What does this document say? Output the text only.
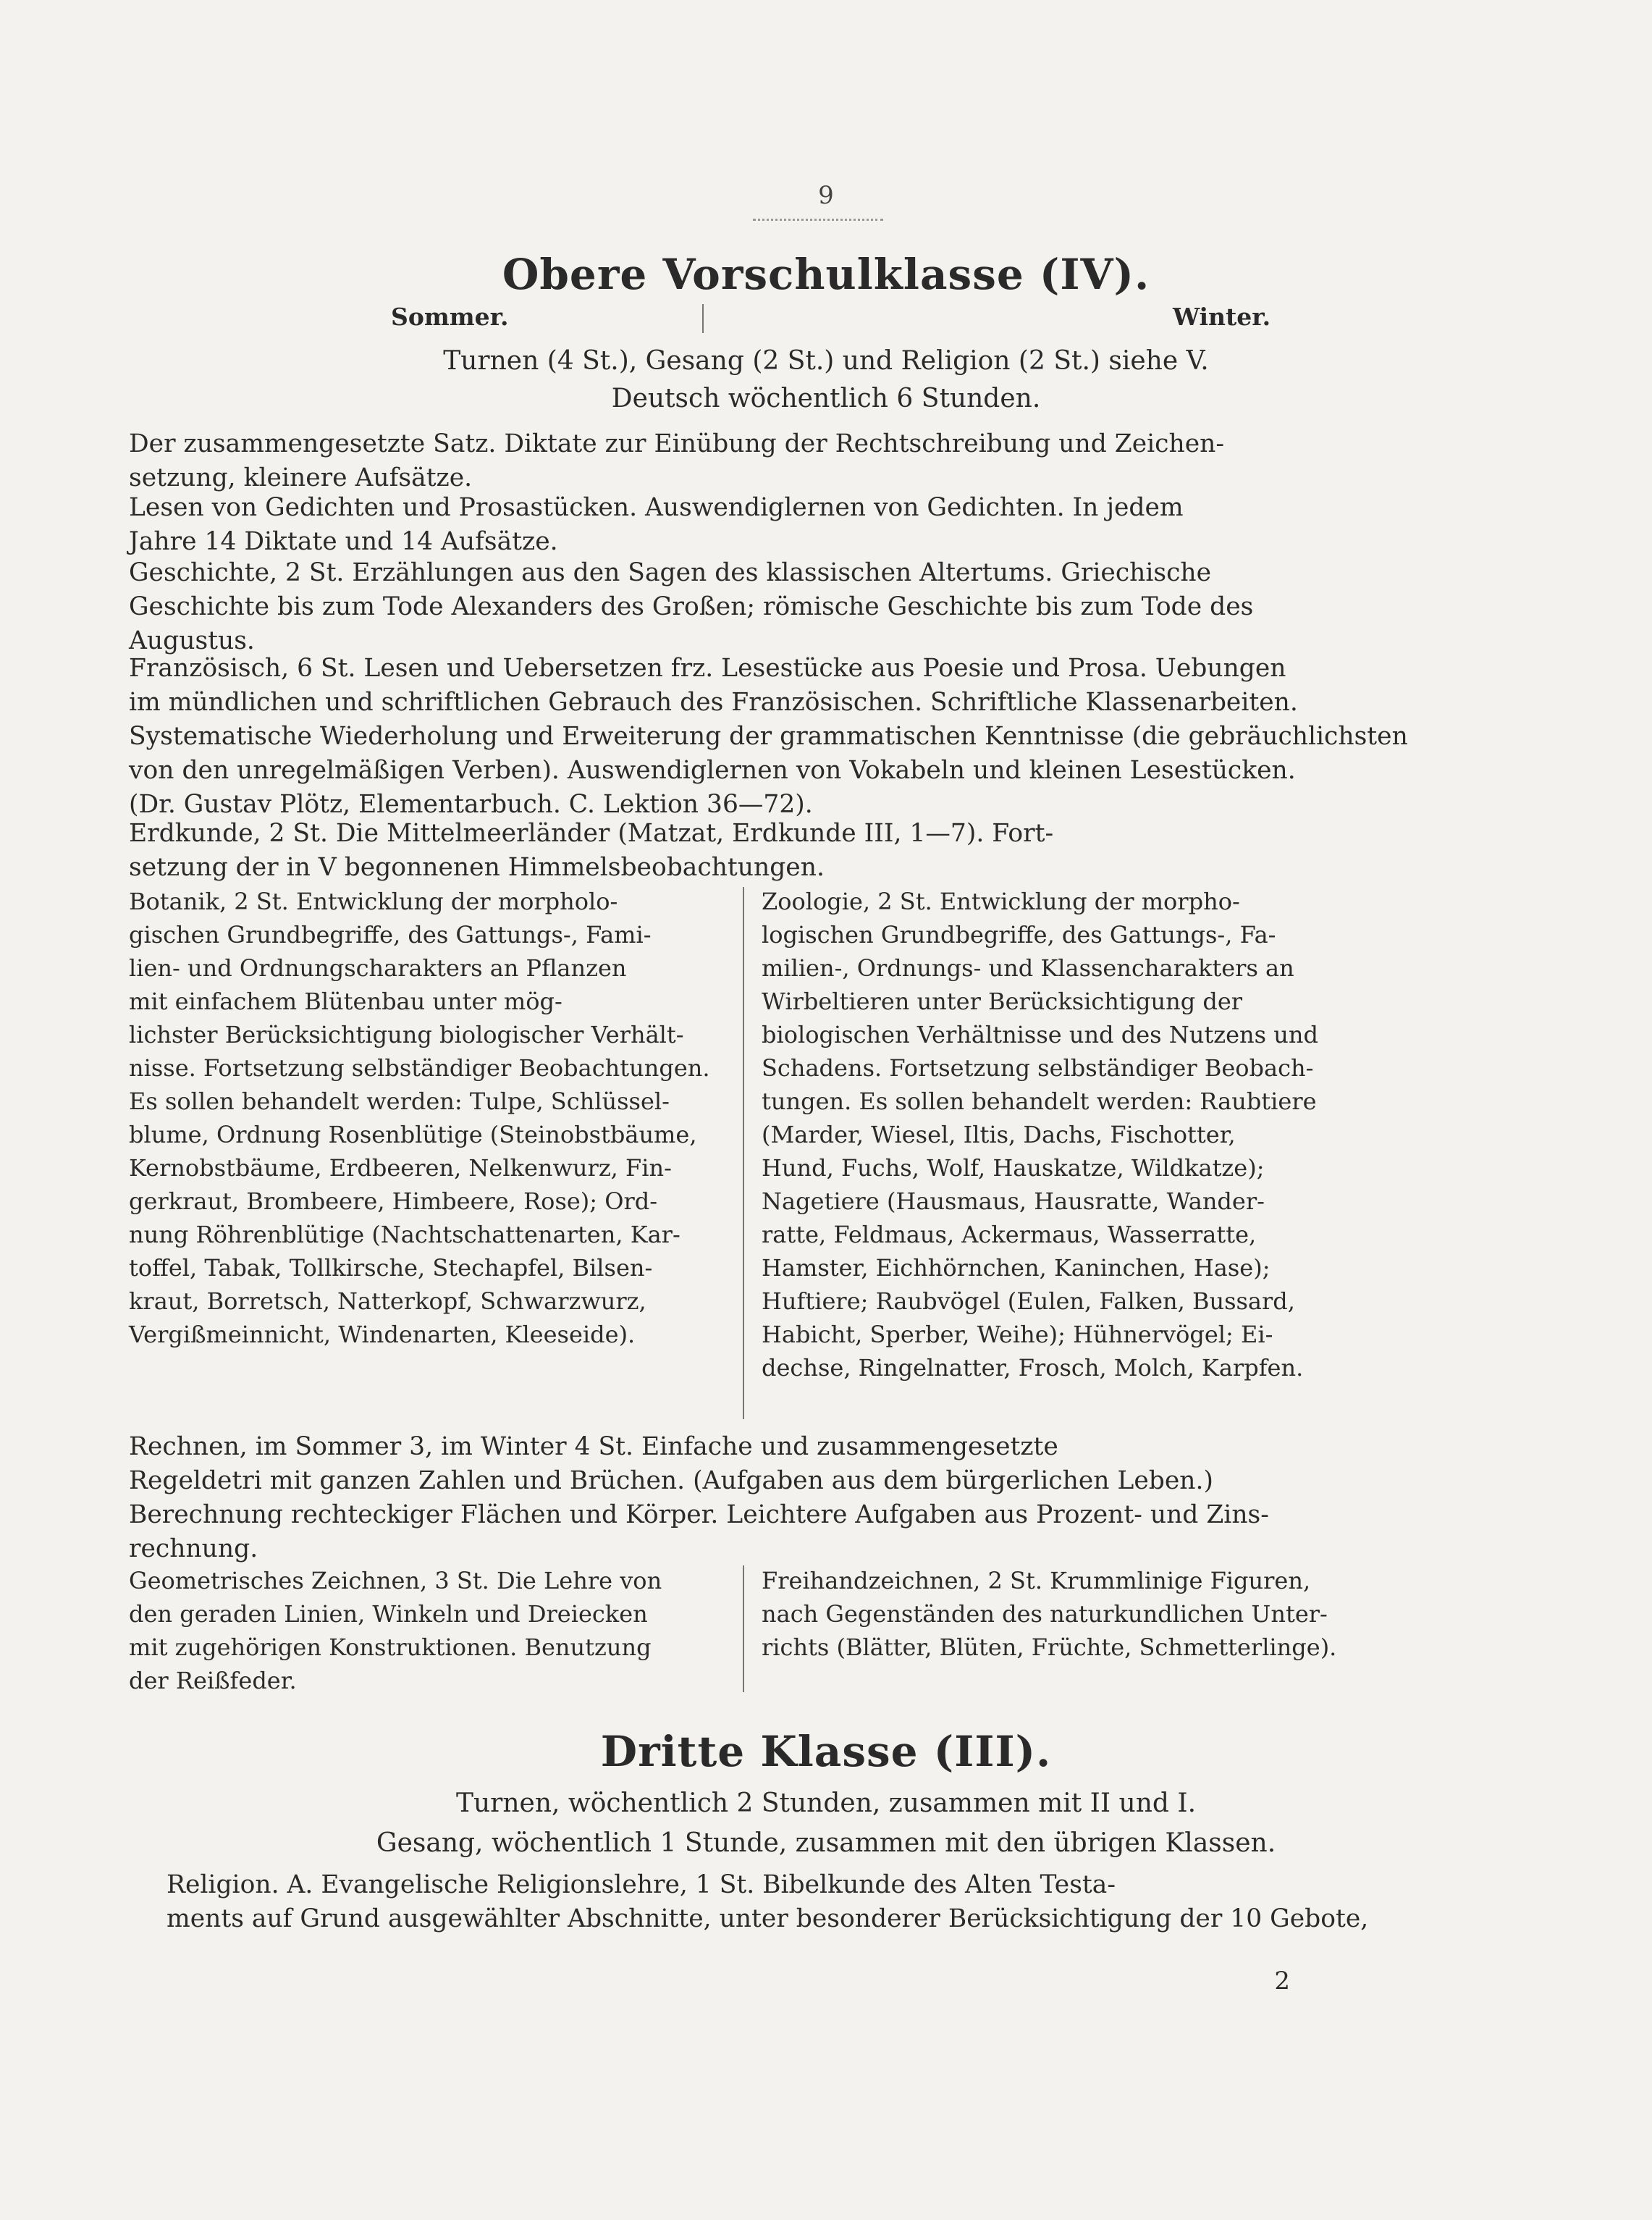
9
Obere Vorschulklasse (IV).
Sommer.	Winter.
Turnen (4 St.), Gesang (2 St.) und Religion (2 St.) siehe V.
Deutsch wöchentlich 6 Stunden.
Der zusammengesetzte Satz. Diktate zur Einübung der Rechtschreibung und Zeichen-
setzung, kleinere Aufsätze.
Lesen von Gedichten und Prosastücken. Auswendiglernen von Gedichten. In jedem
Jahre 14 Diktate und 14 Aufsätze.
Geschichte, 2 St. Erzählungen aus den Sagen des klassischen Altertums. Griechische
Geschichte bis zum Tode Alexanders des Großen; römische Geschichte bis zum Tode des
Augustus.
Französisch, 6 St. Lesen und Uebersetzen frz. Lesestücke aus Poesie und Prosa. Uebungen
im mündlichen und schriftlichen Gebrauch des Französischen. Schriftliche Klassenarbeiten.
Systematische Wiederholung und Erweiterung der grammatischen Kenntnisse (die gebräuchlichsten
von den unregelmäßigen Verben). Auswendiglernen von Vokabeln und kleinen Lesestücken.
(Dr. Gustav Plötz, Elementarbuch. C. Lektion 36—72).
Erdkunde, 2 St. Die Mittelmeerländer (Matzat, Erdkunde III, 1—7). Fort-
setzung der in V begonnenen Himmelsbeobachtungen.
Botanik, 2 St. Entwicklung der morpholo-
gischen Grundbegriffe, des Gattungs-, Fami-
lien- und Ordnungscharakters an Pflanzen
mit einfachem Blütenbau unter mög-
lichster Berücksichtigung biologischer Verhält-
nisse. Fortsetzung selbständiger Beobachtungen.
Es sollen behandelt werden: Tulpe, Schlüssel-
blume, Ordnung Rosenblütige (Steinobstbäume,
Kernobstbäume, Erdbeeren, Nelkenwurz, Fin-
gerkraut, Brombeere, Himbeere, Rose); Ord-
nung Röhrenblütige (Nachtschattenarten, Kar-
toffel, Tabak, Tollkirsche, Stechapfel, Bilsen-
kraut, Borretsch, Natterkopf, Schwarzwurz,
Vergißmeinnicht, Windenarten, Kleeseide).
Zoologie, 2 St. Entwicklung der morpho-
logischen Grundbegriffe, des Gattungs-, Fa-
milien-, Ordnungs- und Klassencharakters an
Wirbeltieren unter Berücksichtigung der
biologischen Verhältnisse und des Nutzens und
Schadens. Fortsetzung selbständiger Beobach-
tungen. Es sollen behandelt werden: Raubtiere
(Marder, Wiesel, Iltis, Dachs, Fischotter,
Hund, Fuchs, Wolf, Hauskatze, Wildkatze);
Nagetiere (Hausmaus, Hausratte, Wander-
ratte, Feldmaus, Ackermaus, Wasserratte,
Hamster, Eichhörnchen, Kaninchen, Hase);
Huftiere; Raubvögel (Eulen, Falken, Bussard,
Habicht, Sperber, Weihe); Hühnervögel; Ei-
dechse, Ringelnatter, Frosch, Molch, Karpfen.
Rechnen, im Sommer 3, im Winter 4 St. Einfache und zusammengesetzte
Regeldetri mit ganzen Zahlen und Brüchen. (Aufgaben aus dem bürgerlichen Leben.)
Berechnung rechteckiger Flächen und Körper. Leichtere Aufgaben aus Prozent- und Zins-
rechnung.
Geometrisches Zeichnen, 3 St. Die Lehre von
den geraden Linien, Winkeln und Dreiecken
mit zugehörigen Konstruktionen. Benutzung
der Reißfeder.
Freihandzeichnen, 2 St. Krummlinige Figuren,
nach Gegenständen des naturkundlichen Unter-
richts (Blätter, Blüten, Früchte, Schmetterlinge).
Dritte Klasse (III).
Turnen, wöchentlich 2 Stunden, zusammen mit II und I.
Gesang, wöchentlich 1 Stunde, zusammen mit den übrigen Klassen.
Religion. A. Evangelische Religionslehre, 1 St. Bibelkunde des Alten Testa-
ments auf Grund ausgewählter Abschnitte, unter besonderer Berücksichtigung der 10 Gebote,
2
